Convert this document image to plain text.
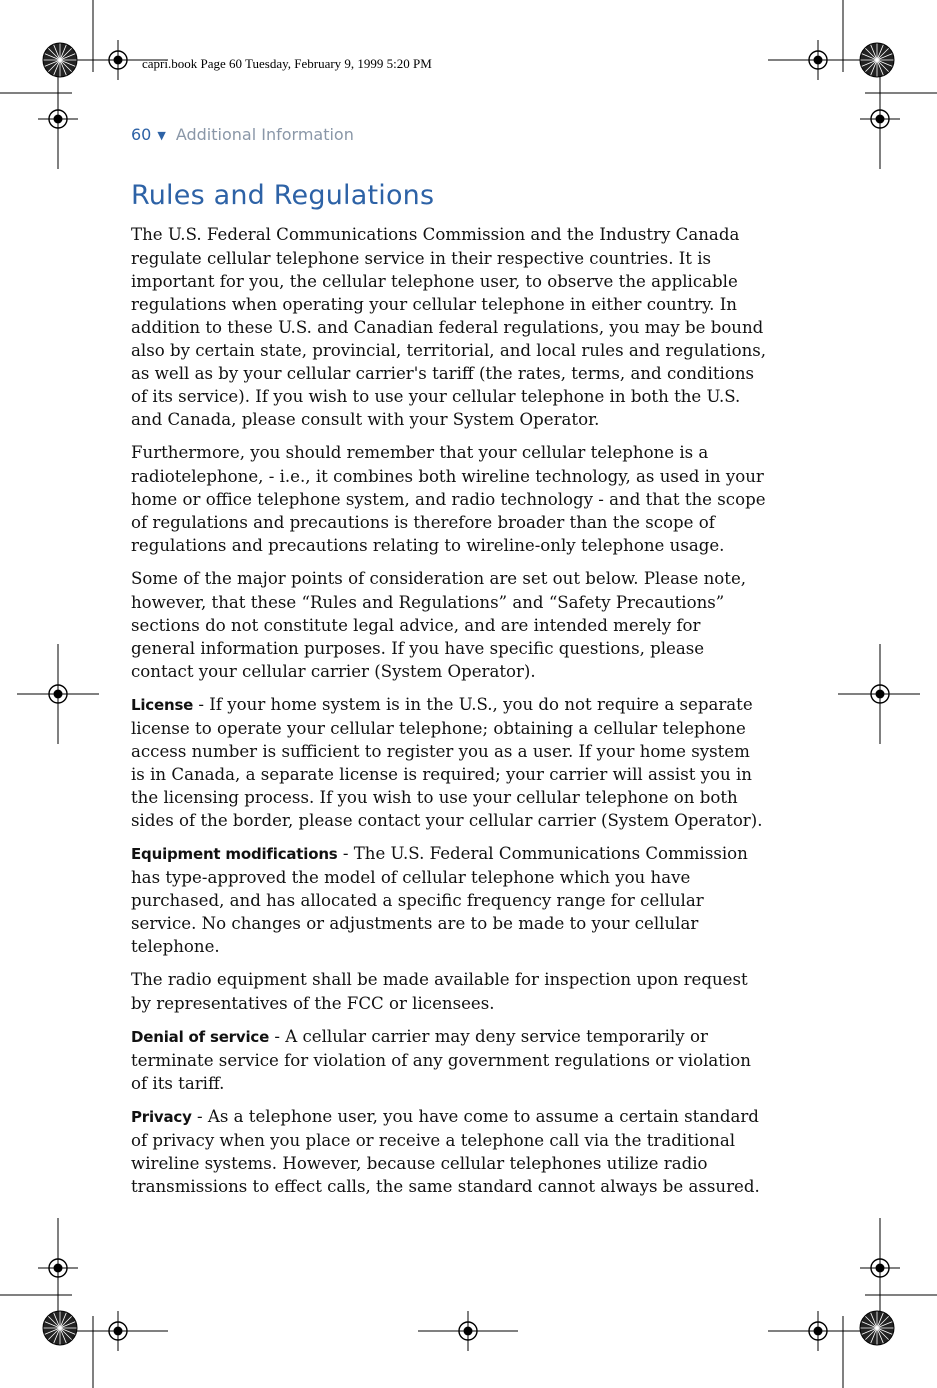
capri.book Page 60 Tuesday, February 9, 1999 5:20 PM
60 ▼ Additional Information
Rules and Regulations

The U.S. Federal Communications Commission and the Industry Canada regulate cellular telephone service in their respective countries. It is important for you, the cellular telephone user, to observe the applicable regulations when operating your cellular telephone in either country. In addition to these U.S. and Canadian federal regulations, you may be bound also by certain state, provincial, territorial, and local rules and regulations, as well as by your cellular carrier's tariff (the rates, terms, and conditions of its service). If you wish to use your cellular telephone in both the U.S. and Canada, please consult with your System Operator.

Furthermore, you should remember that your cellular telephone is a radiotelephone, - i.e., it combines both wireline technology, as used in your home or office telephone system, and radio technology - and that the scope of regulations and precautions is therefore broader than the scope of regulations and precautions relating to wireline-only telephone usage.

Some of the major points of consideration are set out below. Please note, however, that these “Rules and Regulations” and “Safety Precautions” sections do not constitute legal advice, and are intended merely for general information purposes. If you have specific questions, please contact your cellular carrier (System Operator).

License - If your home system is in the U.S., you do not require a separate license to operate your cellular telephone; obtaining a cellular telephone access number is sufficient to register you as a user. If your home system is in Canada, a separate license is required; your carrier will assist you in the licensing process. If you wish to use your cellular telephone on both sides of the border, please contact your cellular carrier (System Operator).

Equipment modifications - The U.S. Federal Communications Commission has type-approved the model of cellular telephone which you have purchased, and has allocated a specific frequency range for cellular service. No changes or adjustments are to be made to your cellular telephone.

The radio equipment shall be made available for inspection upon request by representatives of the FCC or licensees.

Denial of service - A cellular carrier may deny service temporarily or terminate service for violation of any government regulations or violation of its tariff.

Privacy - As a telephone user, you have come to assume a certain standard of privacy when you place or receive a telephone call via the traditional wireline systems. However, because cellular telephones utilize radio transmissions to effect calls, the same standard cannot always be assured.
